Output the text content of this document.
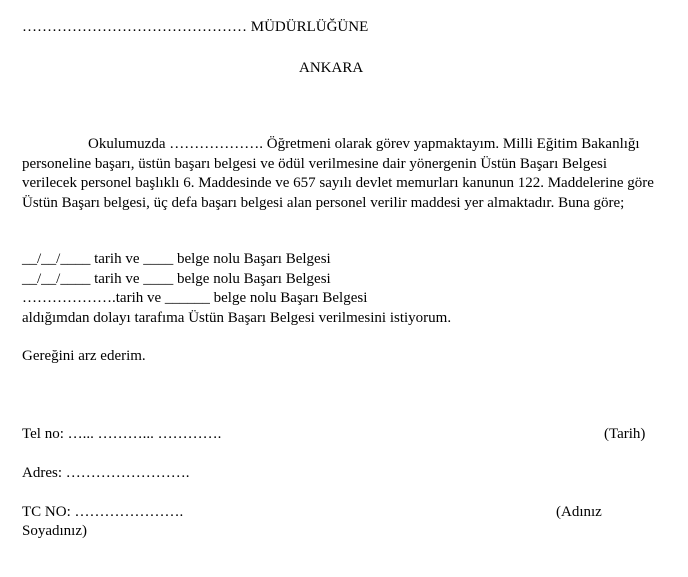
……………………………………… MÜDÜRLÜĞÜNE
ANKARA
Okulumuzda ………………. Öğretmeni olarak görev yapmaktayım. Milli Eğitim Bakanlığı personeline başarı, üstün başarı belgesi ve ödül verilmesine dair yönergenin Üstün Başarı Belgesi verilecek personel başlıklı 6. Maddesinde ve 657 sayılı devlet memurları kanunun 122. Maddelerine göre Üstün Başarı belgesi, üç defa başarı belgesi alan personel verilir maddesi yer almaktadır. Buna göre;
__/__/____ tarih ve ____ belge nolu Başarı Belgesi
__/__/____ tarih ve ____ belge nolu Başarı Belgesi
……………….tarih ve ______ belge nolu Başarı Belgesi
aldığımdan dolayı tarafıma Üstün Başarı Belgesi verilmesini istiyorum.
Gereğini arz ederim.
Tel no: …... ………... ………….	(Tarih)
Adres: …………………….
TC NO: ………………….	(Adınız
Soyadınız)
